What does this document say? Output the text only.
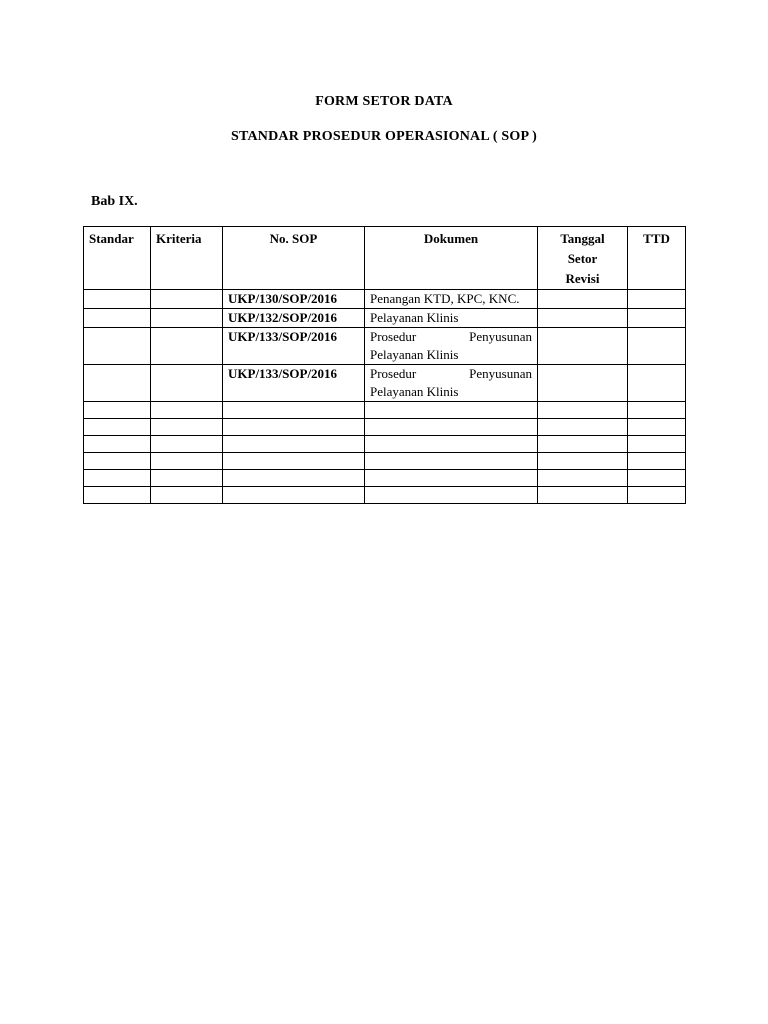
FORM SETOR DATA
STANDAR PROSEDUR OPERASIONAL ( SOP )
Bab IX.
Standar	Kriteria	No. SOP	Dokumen	Tanggal
Setor
Revisi	TTD
		UKP/130/SOP/2016	Penangan KTD, KPC, KNC.		
		UKP/132/SOP/2016	Pelayanan Klinis		
		UKP/133/SOP/2016	Prosedur Penyusunan
Pelayanan Klinis		

		UKP/133/SOP/2016	Prosedur Penyusunan
Pelayanan Klinis		
